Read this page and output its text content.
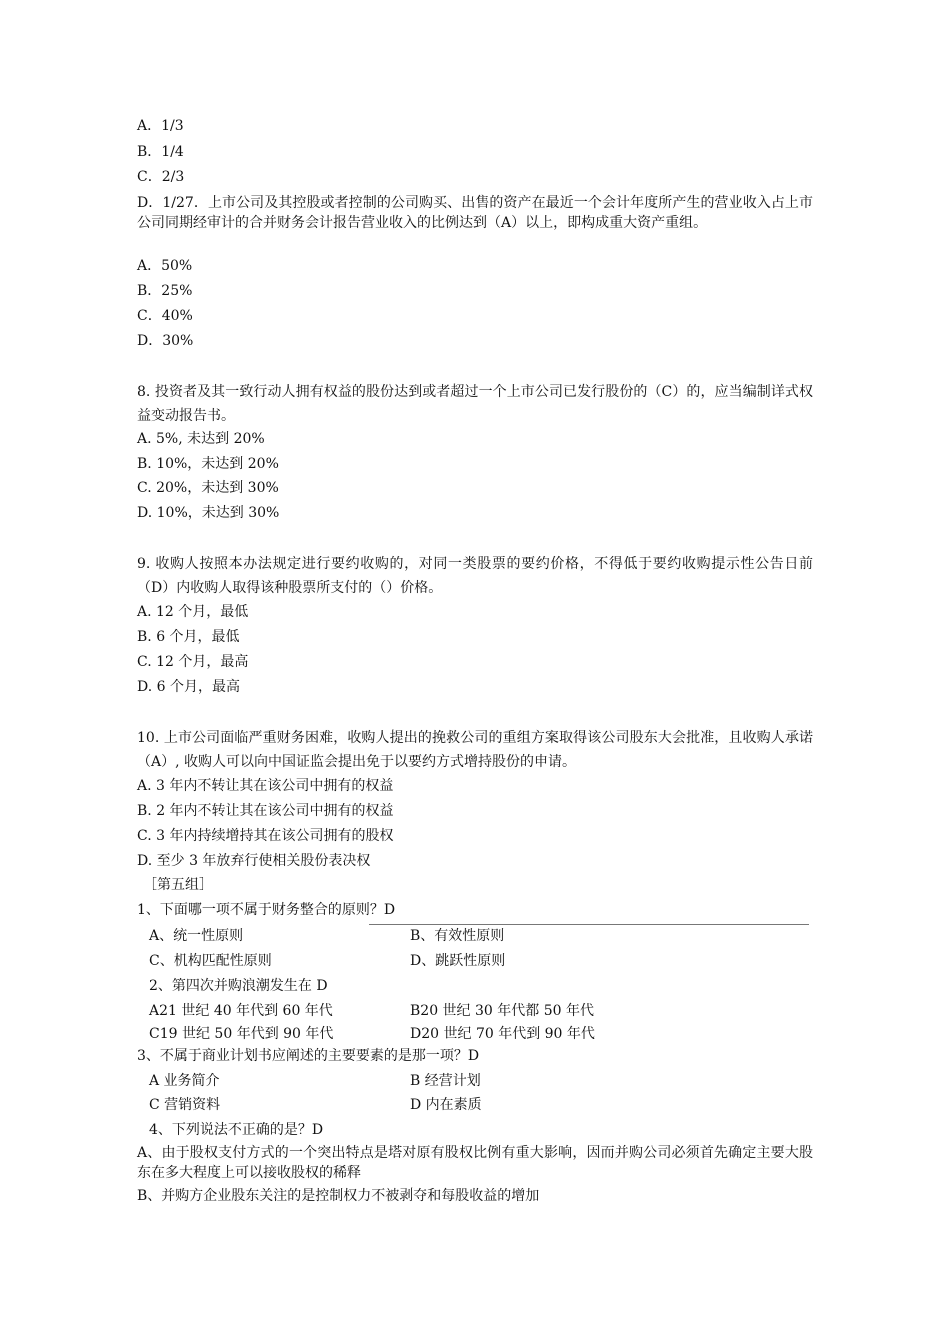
A．1/3
B．1/4
C．2/3
D．1/27．上市公司及其控股或者控制的公司购买、出售的资产在最近一个会计年度所产生的营业收入占上市公司同期经审计的合并财务会计报告营业收入的比例达到（A）以上，即构成重大资产重组。
A．50%
B．25%
C．40%
D．30%
8. 投资者及其一致行动人拥有权益的股份达到或者超过一个上市公司已发行股份的（C）的，应当编制详式权益变动报告书。
A. 5%, 未达到 20%
B. 10%，未达到 20%
C. 20%，未达到 30%
D. 10%，未达到 30%
9. 收购人按照本办法规定进行要约收购的，对同一类股票的要约价格，不得低于要约收购提示性公告日前（D）内收购人取得该种股票所支付的（）价格。
A. 12 个月，最低
B. 6 个月，最低
C. 12 个月，最高
D. 6 个月，最高
10. 上市公司面临严重财务困难，收购人提出的挽救公司的重组方案取得该公司股东大会批准，且收购人承诺（A）, 收购人可以向中国证监会提出免于以要约方式增持股份的申请。
A. 3 年内不转让其在该公司中拥有的权益
B. 2 年内不转让其在该公司中拥有的权益
C. 3 年内持续增持其在该公司拥有的股权
D. 至少 3 年放弃行使相关股份表决权
［第五组］
1、下面哪一项不属于财务整合的原则？D
A、统一性原则	B、有效性原则
C、机构匹配性原则	D、跳跃性原则
2、第四次并购浪潮发生在 D
A21 世纪 40 年代到 60 年代	B20 世纪 30 年代都 50 年代
C19 世纪 50 年代到 90 年代	D20 世纪 70 年代到 90 年代
3、不属于商业计划书应阐述的主要要素的是那一项？D
A 业务简介	B 经营计划
C 营销资料	D 内在素质
4、下列说法不正确的是？D
A、由于股权支付方式的一个突出特点是塔对原有股权比例有重大影响，因而并购公司必须首先确定主要大股东在多大程度上可以接收股权的稀释
B、并购方企业股东关注的是控制权力不被剥夺和每股收益的增加
